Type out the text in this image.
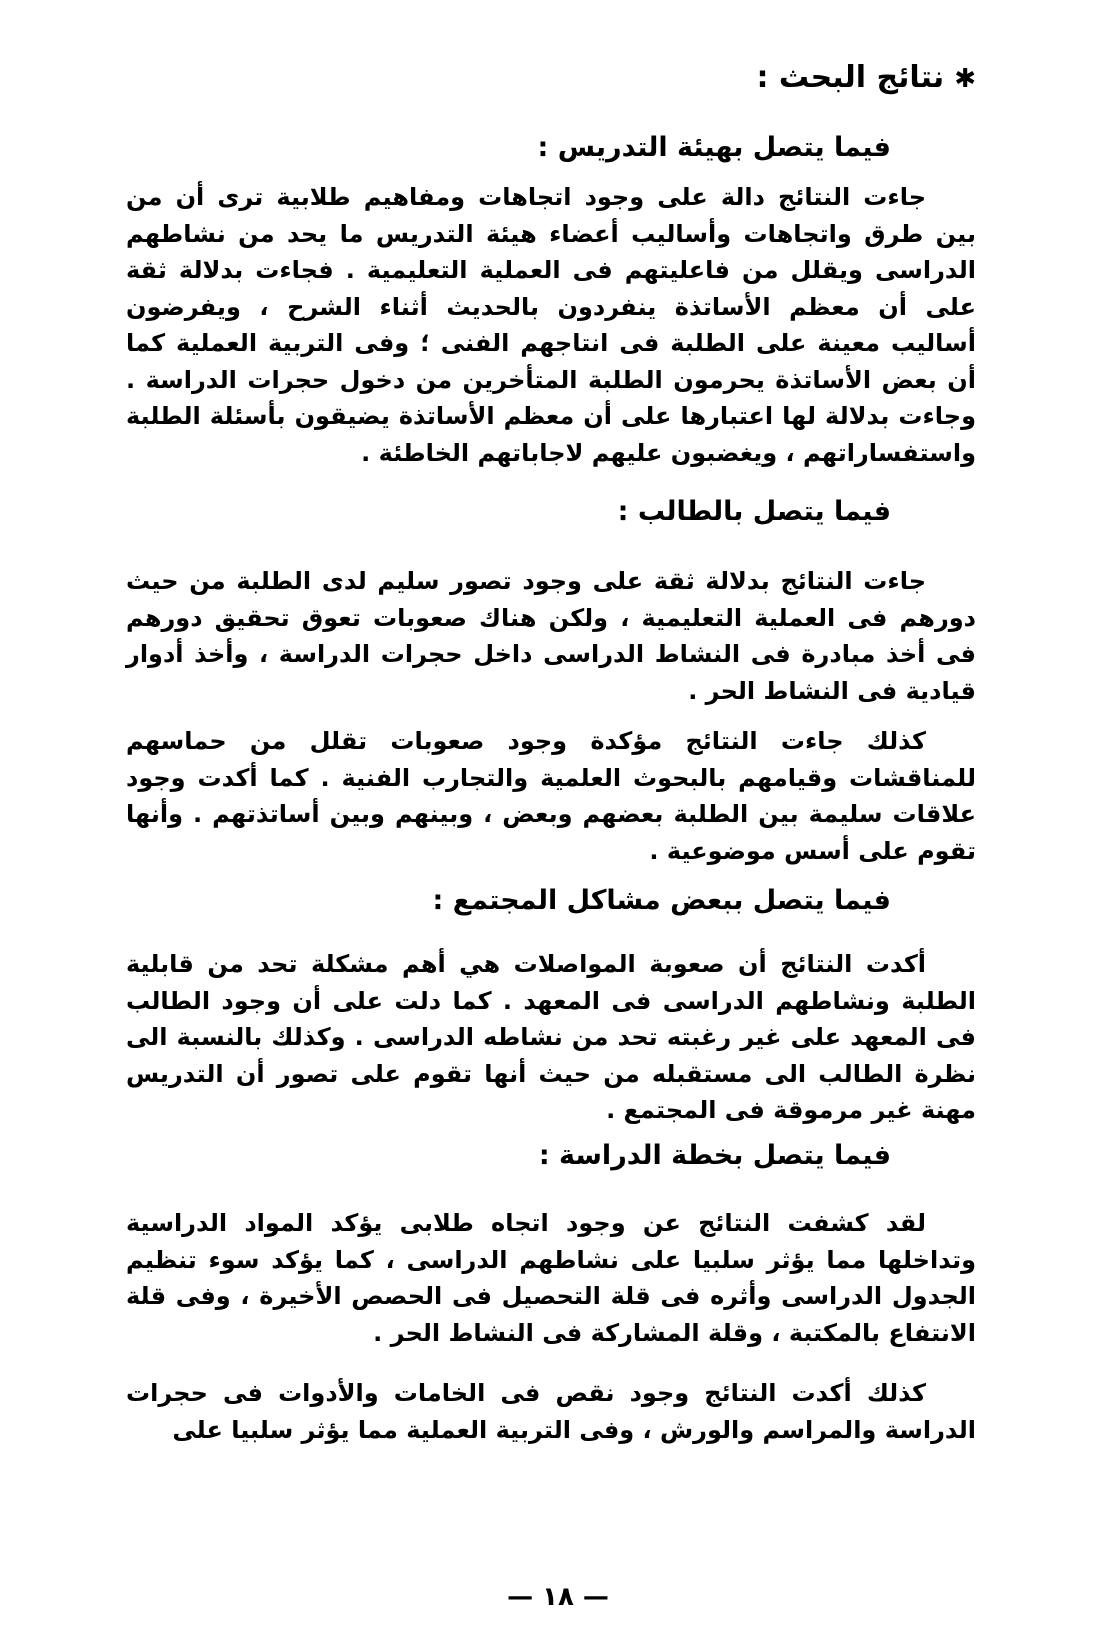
✱نتائج البحث :
فيما يتصل بهيئة التدريس :

جاءت النتائج دالة على وجود اتجاهات ومفاهيم طلابية ترى أن من بين طرق واتجاهات وأساليب أعضاء هيئة التدريس ما يحد من نشاطهم الدراسى ويقلل من فاعليتهم فى العملية التعليمية . فجاءت بدلالة ثقة على أن معظم الأساتذة ينفردون بالحديث أثناء الشرح ، ويفرضون أساليب معينة على الطلبة فى انتاجهم الفنى ؛ وفى التربية العملية كما أن بعض الأساتذة يحرمون الطلبة المتأخرين من دخول حجرات الدراسة . وجاءت بدلالة لها اعتبارها على أن معظم الأساتذة يضيقون بأسئلة الطلبة واستفساراتهم ، ويغضبون عليهم لاجاباتهم الخاطئة .

فيما يتصل بالطالب :

جاءت النتائج بدلالة ثقة على وجود تصور سليم لدى الطلبة من حيث دورهم فى العملية التعليمية ، ولكن هناك صعوبات تعوق تحقيق دورهم فى أخذ مبادرة فى النشاط الدراسى داخل حجرات الدراسة ، وأخذ أدوار قيادية فى النشاط الحر .

كذلك جاءت النتائج مؤكدة وجود صعوبات تقلل من حماسهم للمناقشات وقيامهم بالبحوث العلمية والتجارب الفنية . كما أكدت وجود علاقات سليمة بين الطلبة بعضهم وبعض ، وبينهم وبين أساتذتهم . وأنها تقوم على أسس موضوعية .

فيما يتصل ببعض مشاكل المجتمع :

أكدت النتائج أن صعوبة المواصلات هي أهم مشكلة تحد من قابلية الطلبة ونشاطهم الدراسى فى المعهد . كما دلت على أن وجود الطالب فى المعهد على غير رغبته تحد من نشاطه الدراسى . وكذلك بالنسبة الى نظرة الطالب الى مستقبله من حيث أنها تقوم على تصور أن التدريس مهنة غير مرموقة فى المجتمع .

فيما يتصل بخطة الدراسة :

لقد كشفت النتائج عن وجود اتجاه طلابى يؤكد المواد الدراسية وتداخلها مما يؤثر سلبيا على نشاطهم الدراسى ، كما يؤكد سوء تنظيم الجدول الدراسى وأثره فى قلة التحصيل فى الحصص الأخيرة ، وفى قلة الانتفاع بالمكتبة ، وقلة المشاركة فى النشاط الحر .

كذلك أكدت النتائج وجود نقص فى الخامات والأدوات فى حجرات الدراسة والمراسم والورش ، وفى التربية العملية مما يؤثر سلبيا على

— ١٨ —
